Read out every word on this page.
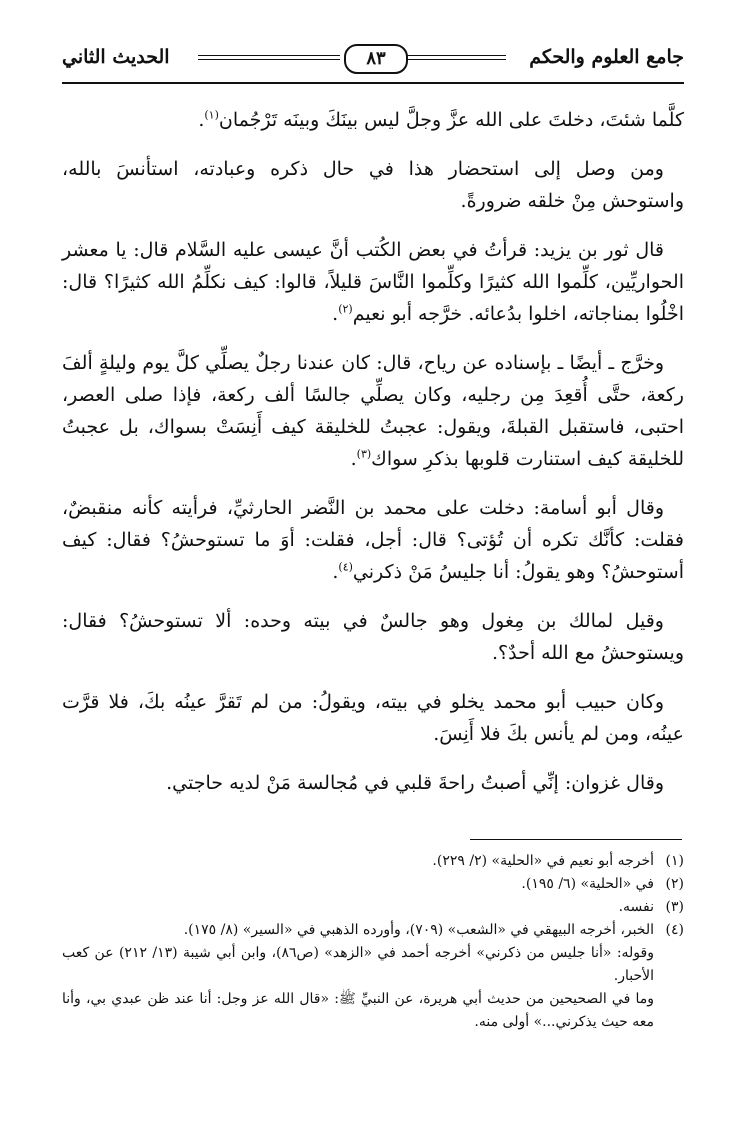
جامع العلوم والحكم
٨٣
الحديث الثاني

كلَّما شئتَ، دخلتَ على الله عزَّ وجلَّ ليس بينَكَ وبينَه تَرْجُمان$^{(١)}$.

ومن وصل إلى استحضار هذا في حال ذكره وعبادته، استأنسَ بالله، واستوحش مِنْ خلقه ضرورةً.

قال ثور بن يزيد: قرأتُ في بعض الكُتب أنَّ عيسى عليه السَّلام قال: يا معشر الحواريِّين، كلِّموا الله كثيرًا وكلِّموا النَّاسَ قليلاً، قالوا: كيف نكلِّمُ الله كثيرًا؟ قال: اخْلُوا بمناجاته، اخلوا بدُعائه. خرَّجه أبو نعيم$^{(٢)}$.

وخرَّج ـ أيضًا ـ بإسناده عن رياح، قال: كان عندنا رجلٌ يصلِّي كلَّ يوم وليلةٍ ألفَ ركعة، حتَّى أُقعِدَ مِن رجليه، وكان يصلِّي جالسًا ألف ركعة، فإذا صلى العصر، احتبى، فاستقبل القبلةَ، ويقول: عجبتُ للخليقة كيف أَنِسَتْ بسواك، بل عجبتُ للخليقة كيف استنارت قلوبها بذكرِ سواك$^{(٣)}$.

وقال أبو أسامة: دخلت على محمد بن النَّضر الحارثيِّ، فرأيته كأنه منقبضٌ، فقلت: كأنَّك تكره أن تُؤتى؟ قال: أجل، فقلت: أوَ ما تستوحشُ؟ فقال: كيف أستوحشُ؟ وهو يقولُ: أنا جليسُ مَنْ ذكرني$^{(٤)}$.

وقيل لمالك بن مِغول وهو جالسٌ في بيته وحده: ألا تستوحشُ؟ فقال: ويستوحشُ مع الله أحدٌ؟.

وكان حبيب أبو محمد يخلو في بيته، ويقولُ: من لم تَقرَّ عينُه بكَ، فلا قرَّت عينُه، ومن لم يأنس بكَ فلا أَنِسَ.

وقال غزوان: إنِّي أصبتُ راحةَ قلبي في مُجالسة مَنْ لديه حاجتي.

(١)
أخرجه أبو نعيم في «الحلية» (٢/ ٢٢٩).

(٢)
في «الحلية» (٦/ ١٩٥).

(٣)
نفسه.

(٤)
الخبر، أخرجه البيهقي في «الشعب» (٧٠٩)، وأورده الذهبي في «السير» (٨/ ١٧٥).

وقوله: «أنا جليس من ذكرني» أخرجه أحمد في «الزهد» (ص٨٦)، وابن أبي شيبة (١٣/ ٢١٢) عن كعب الأحبار.
وما في الصحيحين من حديث أبي هريرة، عن النبيِّ ﷺ: «قال الله عز وجل: أنا عند ظن عبدي بي، وأنا معه حيث يذكرني...» أولى منه.
